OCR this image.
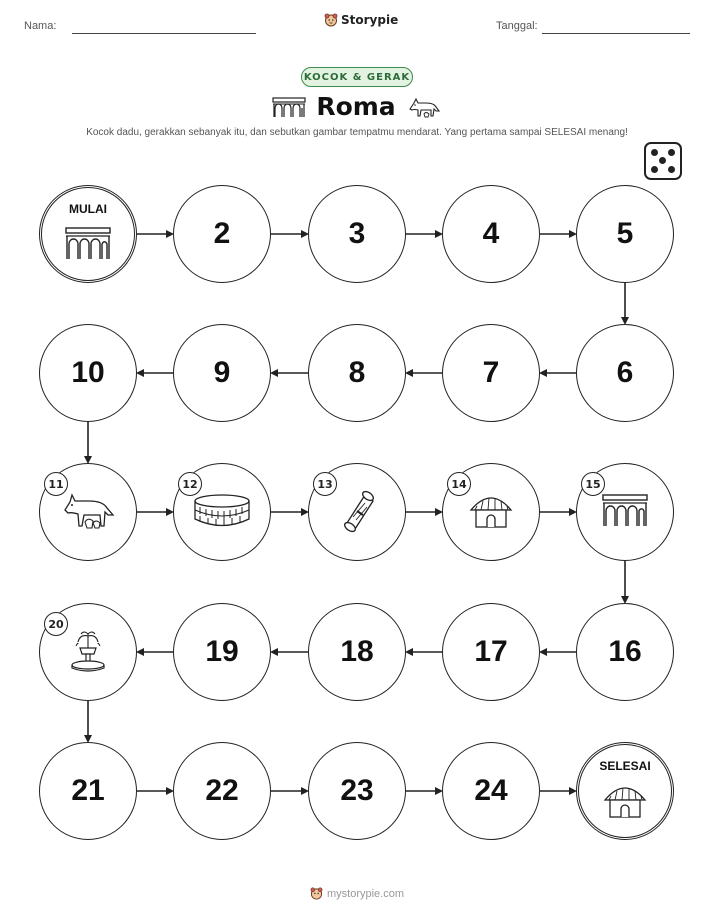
Nama:	Storypie	Tanggal:
KOCOK & GERAK
Roma
Kocok dadu, gerakkan sebanyak itu, dan sebutkan gambar tempatmu mendarat. Yang pertama sampai SELESAI menang!
MULAI
2	3	4	5
6
7
8
9
10
11	12	13	14	15
16
17
18
19
20
21	22	23	24
SELESAI
mystorypie.com
